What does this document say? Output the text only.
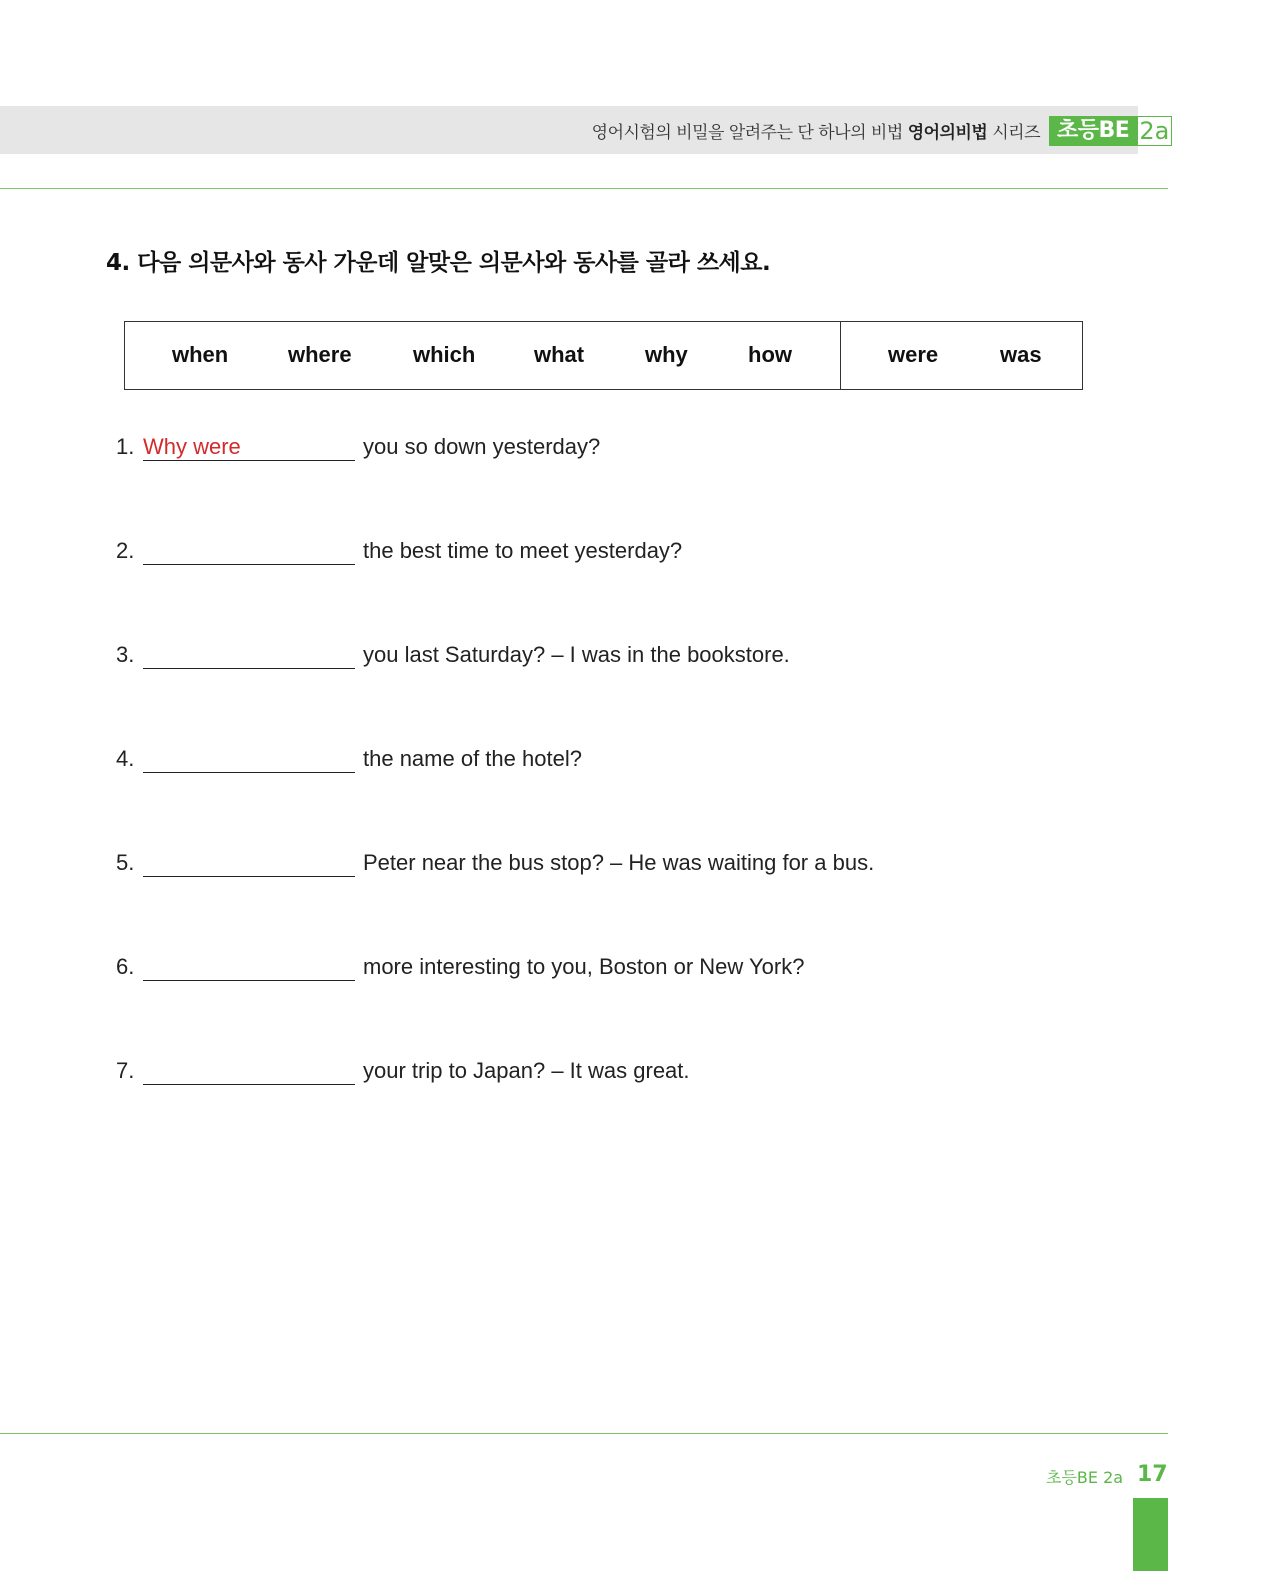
영어시험의 비밀을 알려주는 단 하나의 비법 영어의비법 시리즈 초등BE 2a
4. 다음 의문사와 동사 가운데 알맞은 의문사와 동사를 골라 쓰세요.
when	where	which	what	why	how	were	was
1. Why were	you so down yesterday?
2.	the best time to meet yesterday?
3.	you last Saturday? – I was in the bookstore.
4.	the name of the hotel?
5.	Peter near the bus stop? – He was waiting for a bus.
6.	more interesting to you, Boston or New York?
7.	your trip to Japan? – It was great.
초등BE 2a 17
